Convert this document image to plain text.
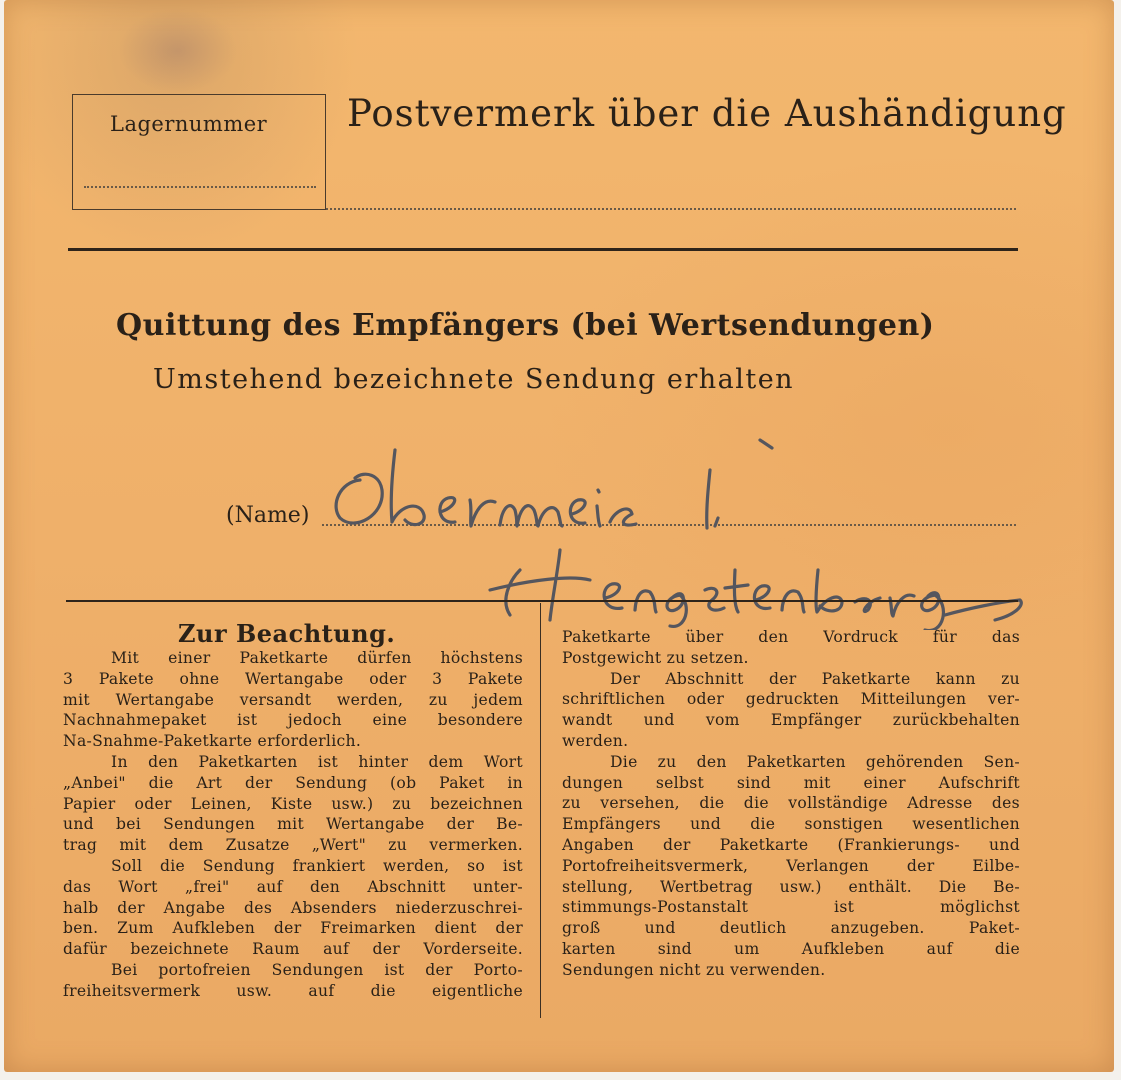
Lagernummer Postvermerk über die Aushändigung
Quittung des Empfängers (bei Wertsendungen)
Umstehend bezeichnete Sendung erhalten
(Name)
Zur Beachtung.
Mit einer Paketkarte dürfen höchstens
3 Pakete ohne Wertangabe oder 3 Pakete
mit Wertangabe versandt werden, zu jedem
Nachnahmepaket ist jedoch eine besondere
Na-Snahme-Paketkarte erforderlich.
In den Paketkarten ist hinter dem Wort
„Anbei" die Art der Sendung (ob Paket in
Papier oder Leinen, Kiste usw.) zu bezeichnen
und bei Sendungen mit Wertangabe der Be-
trag mit dem Zusatze „Wert" zu vermerken.
Soll die Sendung frankiert werden, so ist
das Wort „frei" auf den Abschnitt unter-
halb der Angabe des Absenders niederzuschrei-
ben. Zum Aufkleben der Freimarken dient der
dafür bezeichnete Raum auf der Vorderseite.
Bei portofreien Sendungen ist der Porto-
freiheitsvermerk usw. auf die eigentliche
Paketkarte über den Vordruck für das
Postgewicht zu setzen.
Der Abschnitt der Paketkarte kann zu
schriftlichen oder gedruckten Mitteilungen ver-
wandt und vom Empfänger zurückbehalten
werden.
Die zu den Paketkarten gehörenden Sen-
dungen selbst sind mit einer Aufschrift
zu versehen, die die vollständige Adresse des
Empfängers und die sonstigen wesentlichen
Angaben der Paketkarte (Frankierungs- und
Portofreiheitsvermerk, Verlangen der Eilbe-
stellung, Wertbetrag usw.) enthält. Die Be-
stimmungs-Postanstalt ist möglichst
groß und deutlich anzugeben. Paket-
karten sind um Aufkleben auf die
Sendungen nicht zu verwenden.
